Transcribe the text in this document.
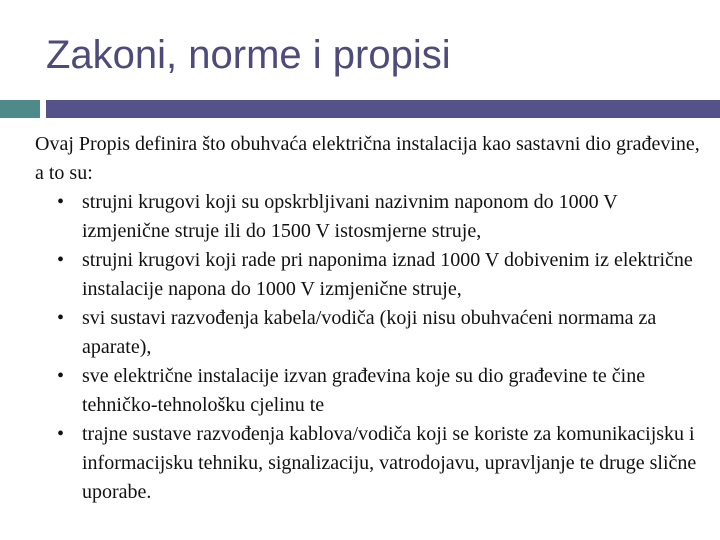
Zakoni, norme i propisi

Ovaj Propis definira što obuhvaća električna instalacija kao sastavni dio građevine, a to su:

• strujni krugovi koji su opskrbljivani nazivnim naponom do 1000 V izmjenične struje ili do 1500 V istosmjerne struje,
• strujni krugovi koji rade pri naponima iznad 1000 V dobivenim iz električne instalacije napona do 1000 V izmjenične struje,
• svi sustavi razvođenja kabela/vodiča (koji nisu obuhvaćeni normama za aparate),
• sve električne instalacije izvan građevina koje su dio građevine te čine tehničko-tehnološku cjelinu te
• trajne sustave razvođenja kablova/vodiča koji se koriste za komunikacijsku i informacijsku tehniku, signalizaciju, vatrodojavu, upravljanje te druge slične uporabe.
